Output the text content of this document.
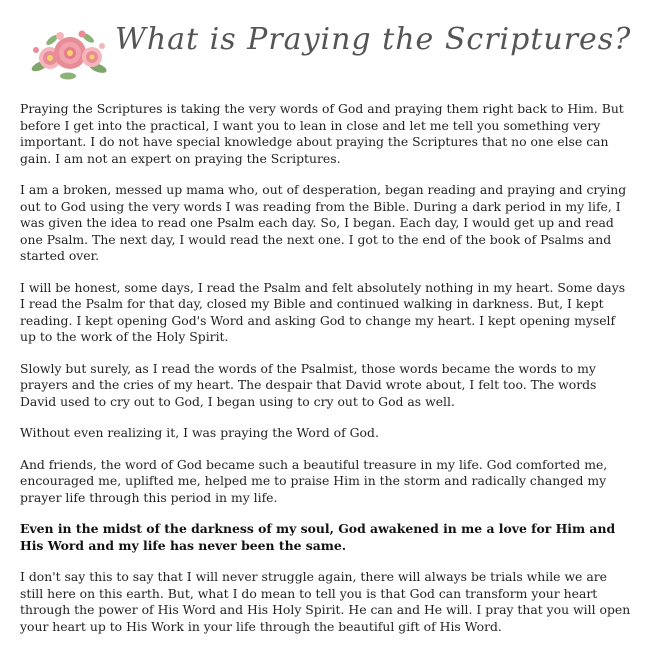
What is Praying the Scriptures?

Praying the Scriptures is taking the very words of God and praying them right back to Him. But before I get into the practical, I want you to lean in close and let me tell you something very important. I do not have special knowledge about praying the Scriptures that no one else can gain. I am not an expert on praying the Scriptures.

I am a broken, messed up mama who, out of desperation, began reading and praying and crying out to God using the very words I was reading from the Bible. During a dark period in my life, I was given the idea to read one Psalm each day. So, I began. Each day, I would get up and read one Psalm. The next day, I would read the next one. I got to the end of the book of Psalms and started over.

I will be honest, some days, I read the Psalm and felt absolutely nothing in my heart. Some days I read the Psalm for that day, closed my Bible and continued walking in darkness. But, I kept reading. I kept opening God's Word and asking God to change my heart. I kept opening myself up to the work of the Holy Spirit.

Slowly but surely, as I read the words of the Psalmist, those words became the words to my prayers and the cries of my heart. The despair that David wrote about, I felt too. The words David used to cry out to God, I began using to cry out to God as well.

Without even realizing it, I was praying the Word of God.

And friends, the word of God became such a beautiful treasure in my life. God comforted me, encouraged me, uplifted me, helped me to praise Him in the storm and radically changed my prayer life through this period in my life.

Even in the midst of the darkness of my soul, God awakened in me a love for Him and His Word and my life has never been the same.

I don't say this to say that I will never struggle again, there will always be trials while we are still here on this earth. But, what I do mean to tell you is that God can transform your heart through the power of His Word and His Holy Spirit. He can and He will. I pray that you will open your heart up to His Work in your life through the beautiful gift of His Word.
